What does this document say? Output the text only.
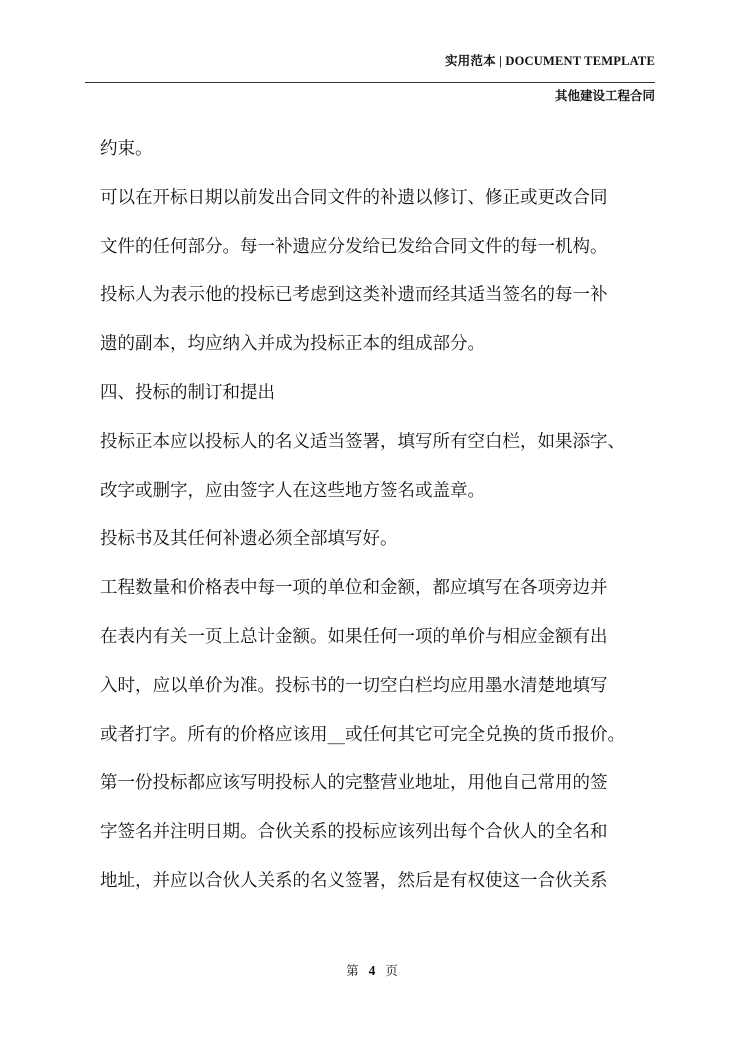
实用范本 | DOCUMENT TEMPLATE
其他建设工程合同
约束。
可以在开标日期以前发出合同文件的补遗以修订、修正或更改合同
文件的任何部分。每一补遗应分发给已发给合同文件的每一机构。
投标人为表示他的投标已考虑到这类补遗而经其适当签名的每一补
遗的副本，均应纳入并成为投标正本的组成部分。
四、投标的制订和提出
投标正本应以投标人的名义适当签署，填写所有空白栏，如果添字、
改字或删字，应由签字人在这些地方签名或盖章。
投标书及其任何补遗必须全部填写好。
工程数量和价格表中每一项的单位和金额，都应填写在各项旁边并
在表内有关一页上总计金额。如果任何一项的单价与相应金额有出
入时，应以单价为准。投标书的一切空白栏均应用墨水清楚地填写
或者打字。所有的价格应该用__或任何其它可完全兑换的货币报价。
第一份投标都应该写明投标人的完整营业地址，用他自己常用的签
字签名并注明日期。合伙关系的投标应该列出每个合伙人的全名和
地址，并应以合伙人关系的名义签署，然后是有权使这一合伙关系
第 4 页
